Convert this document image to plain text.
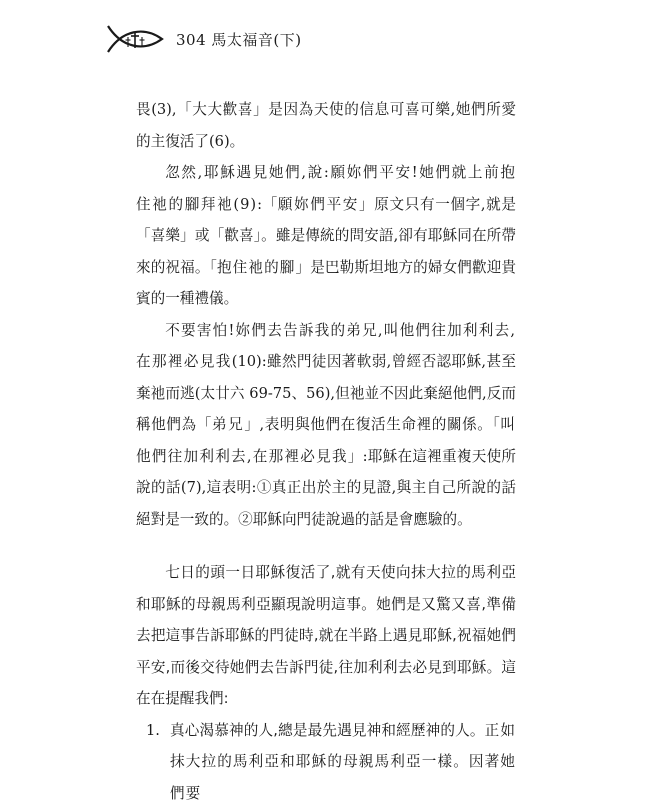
304 馬太福音(下)

畏(3),「大大歡喜」是因為天使的信息可喜可樂,她們所愛的主復活了(6)。

忽然,耶穌遇見她們,說:願妳們平安!她們就上前抱住祂的腳拜祂(9):「願妳們平安」原文只有一個字,就是「喜樂」或「歡喜」。雖是傳統的問安語,卻有耶穌同在所帶來的祝福。「抱住祂的腳」是巴勒斯坦地方的婦女們歡迎貴賓的一種禮儀。

不要害怕!妳們去告訴我的弟兄,叫他們往加利利去,在那裡必見我(10):雖然門徒因著軟弱,曾經否認耶穌,甚至棄祂而逃(太廿六 69-75、56),但祂並不因此棄絕他們,反而稱他們為「弟兄」,表明與他們在復活生命裡的關係。「叫他們往加利利去,在那裡必見我」:耶穌在這裡重複天使所說的話(7),這表明:①真正出於主的見證,與主自己所說的話絕對是一致的。②耶穌向門徒說過的話是會應驗的。

七日的頭一日耶穌復活了,就有天使向抹大拉的馬利亞和耶穌的母親馬利亞顯現說明這事。她們是又驚又喜,準備去把這事告訴耶穌的門徒時,就在半路上遇見耶穌,祝福她們平安,而後交待她們去告訴門徒,往加利利去必見到耶穌。這在在提醒我們:

1. 真心渴慕神的人,總是最先遇見神和經歷神的人。正如抹大拉的馬利亞和耶穌的母親馬利亞一樣。因著她們要
